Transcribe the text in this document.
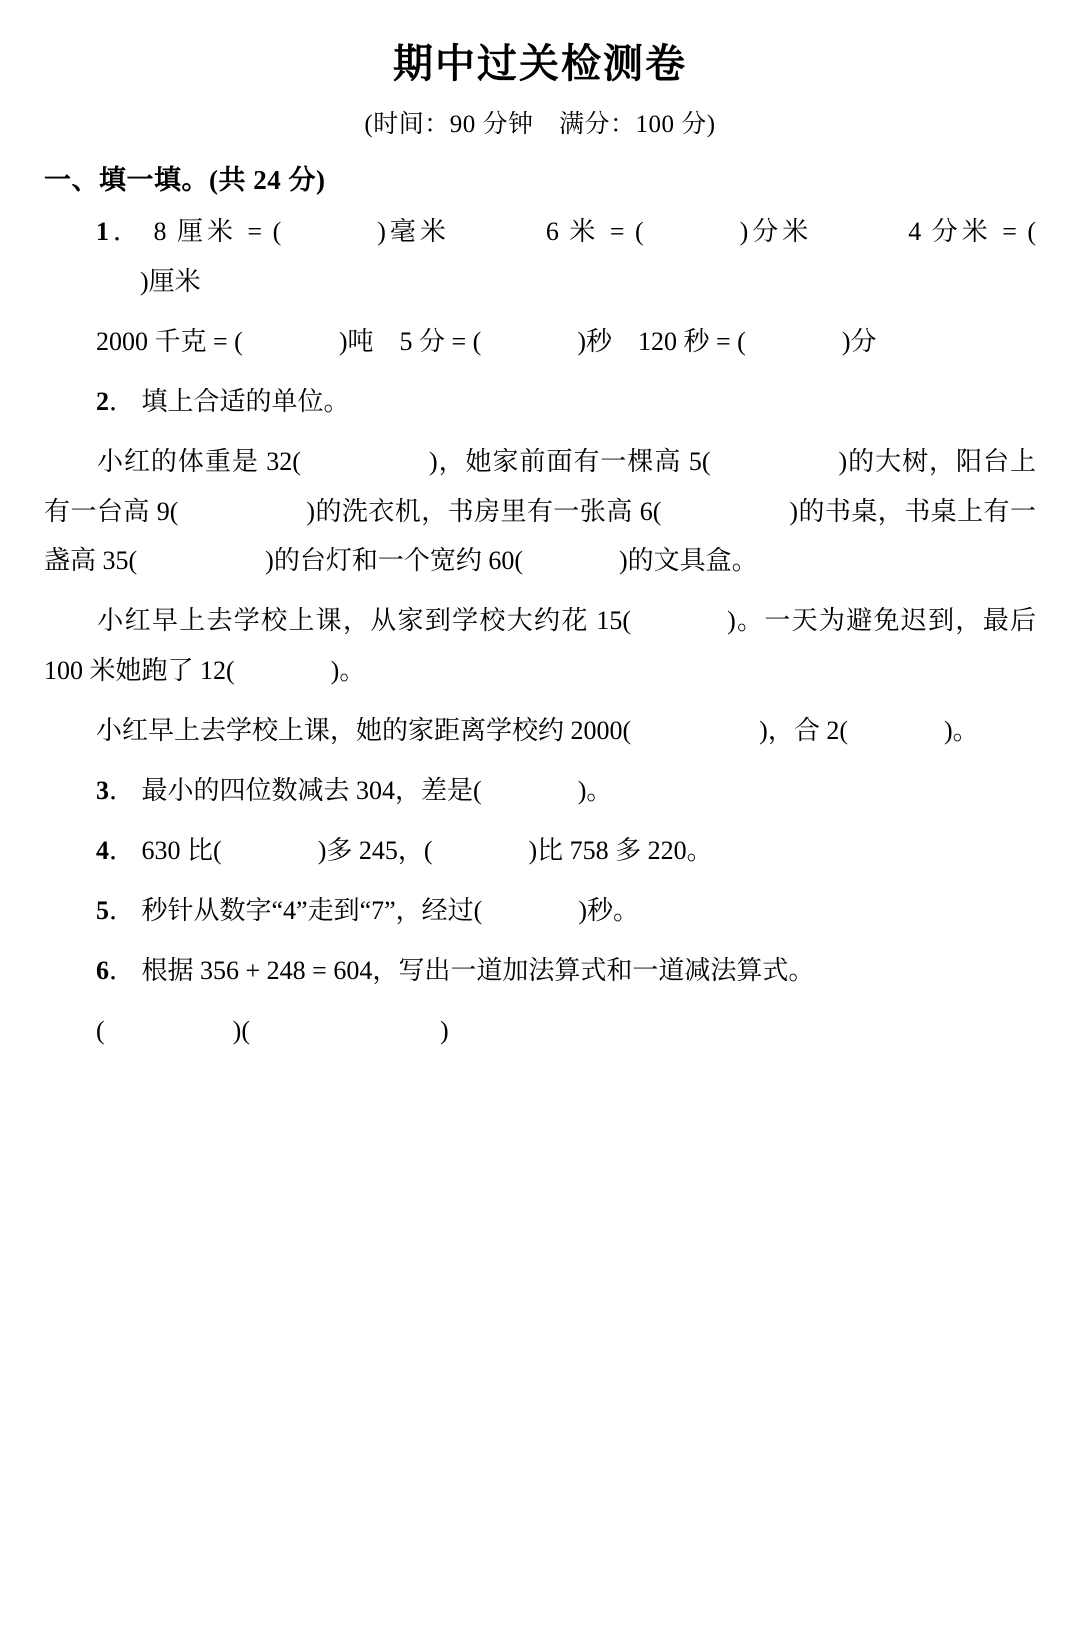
期中过关检测卷
(时间：90 分钟　满分：100 分)
一、填一填。(共 24 分)
1． 8 厘米 = (	)毫米	6 米 = (	)分米	4 分米 = ()厘米
2000 千克 = (	)吨 5 分 = (	)秒 120 秒 = (	)分
2． 填上合适的单位。
小红的体重是 32(	)，她家前面有一棵高 5(	)的大树，阳台上有一台高 9(	)的洗衣机，书房里有一张高 6(	)的书桌，书桌上有一盏高 35(	)的台灯和一个宽约 60(	)的文具盒。
小红早上去学校上课，从家到学校大约花 15(	)。一天为避免迟到，最后 100 米她跑了 12(	)。
小红早上去学校上课，她的家距离学校约 2000(	)，合 2(	)。
3． 最小的四位数减去 304，差是(	)。
4． 630 比(	)多 245，(	)比 758 多 220。
5． 秒针从数字“4”走到“7”，经过(	)秒。
6． 根据 356 + 248 = 604，写出一道加法算式和一道减法算式。
(	)(	)
